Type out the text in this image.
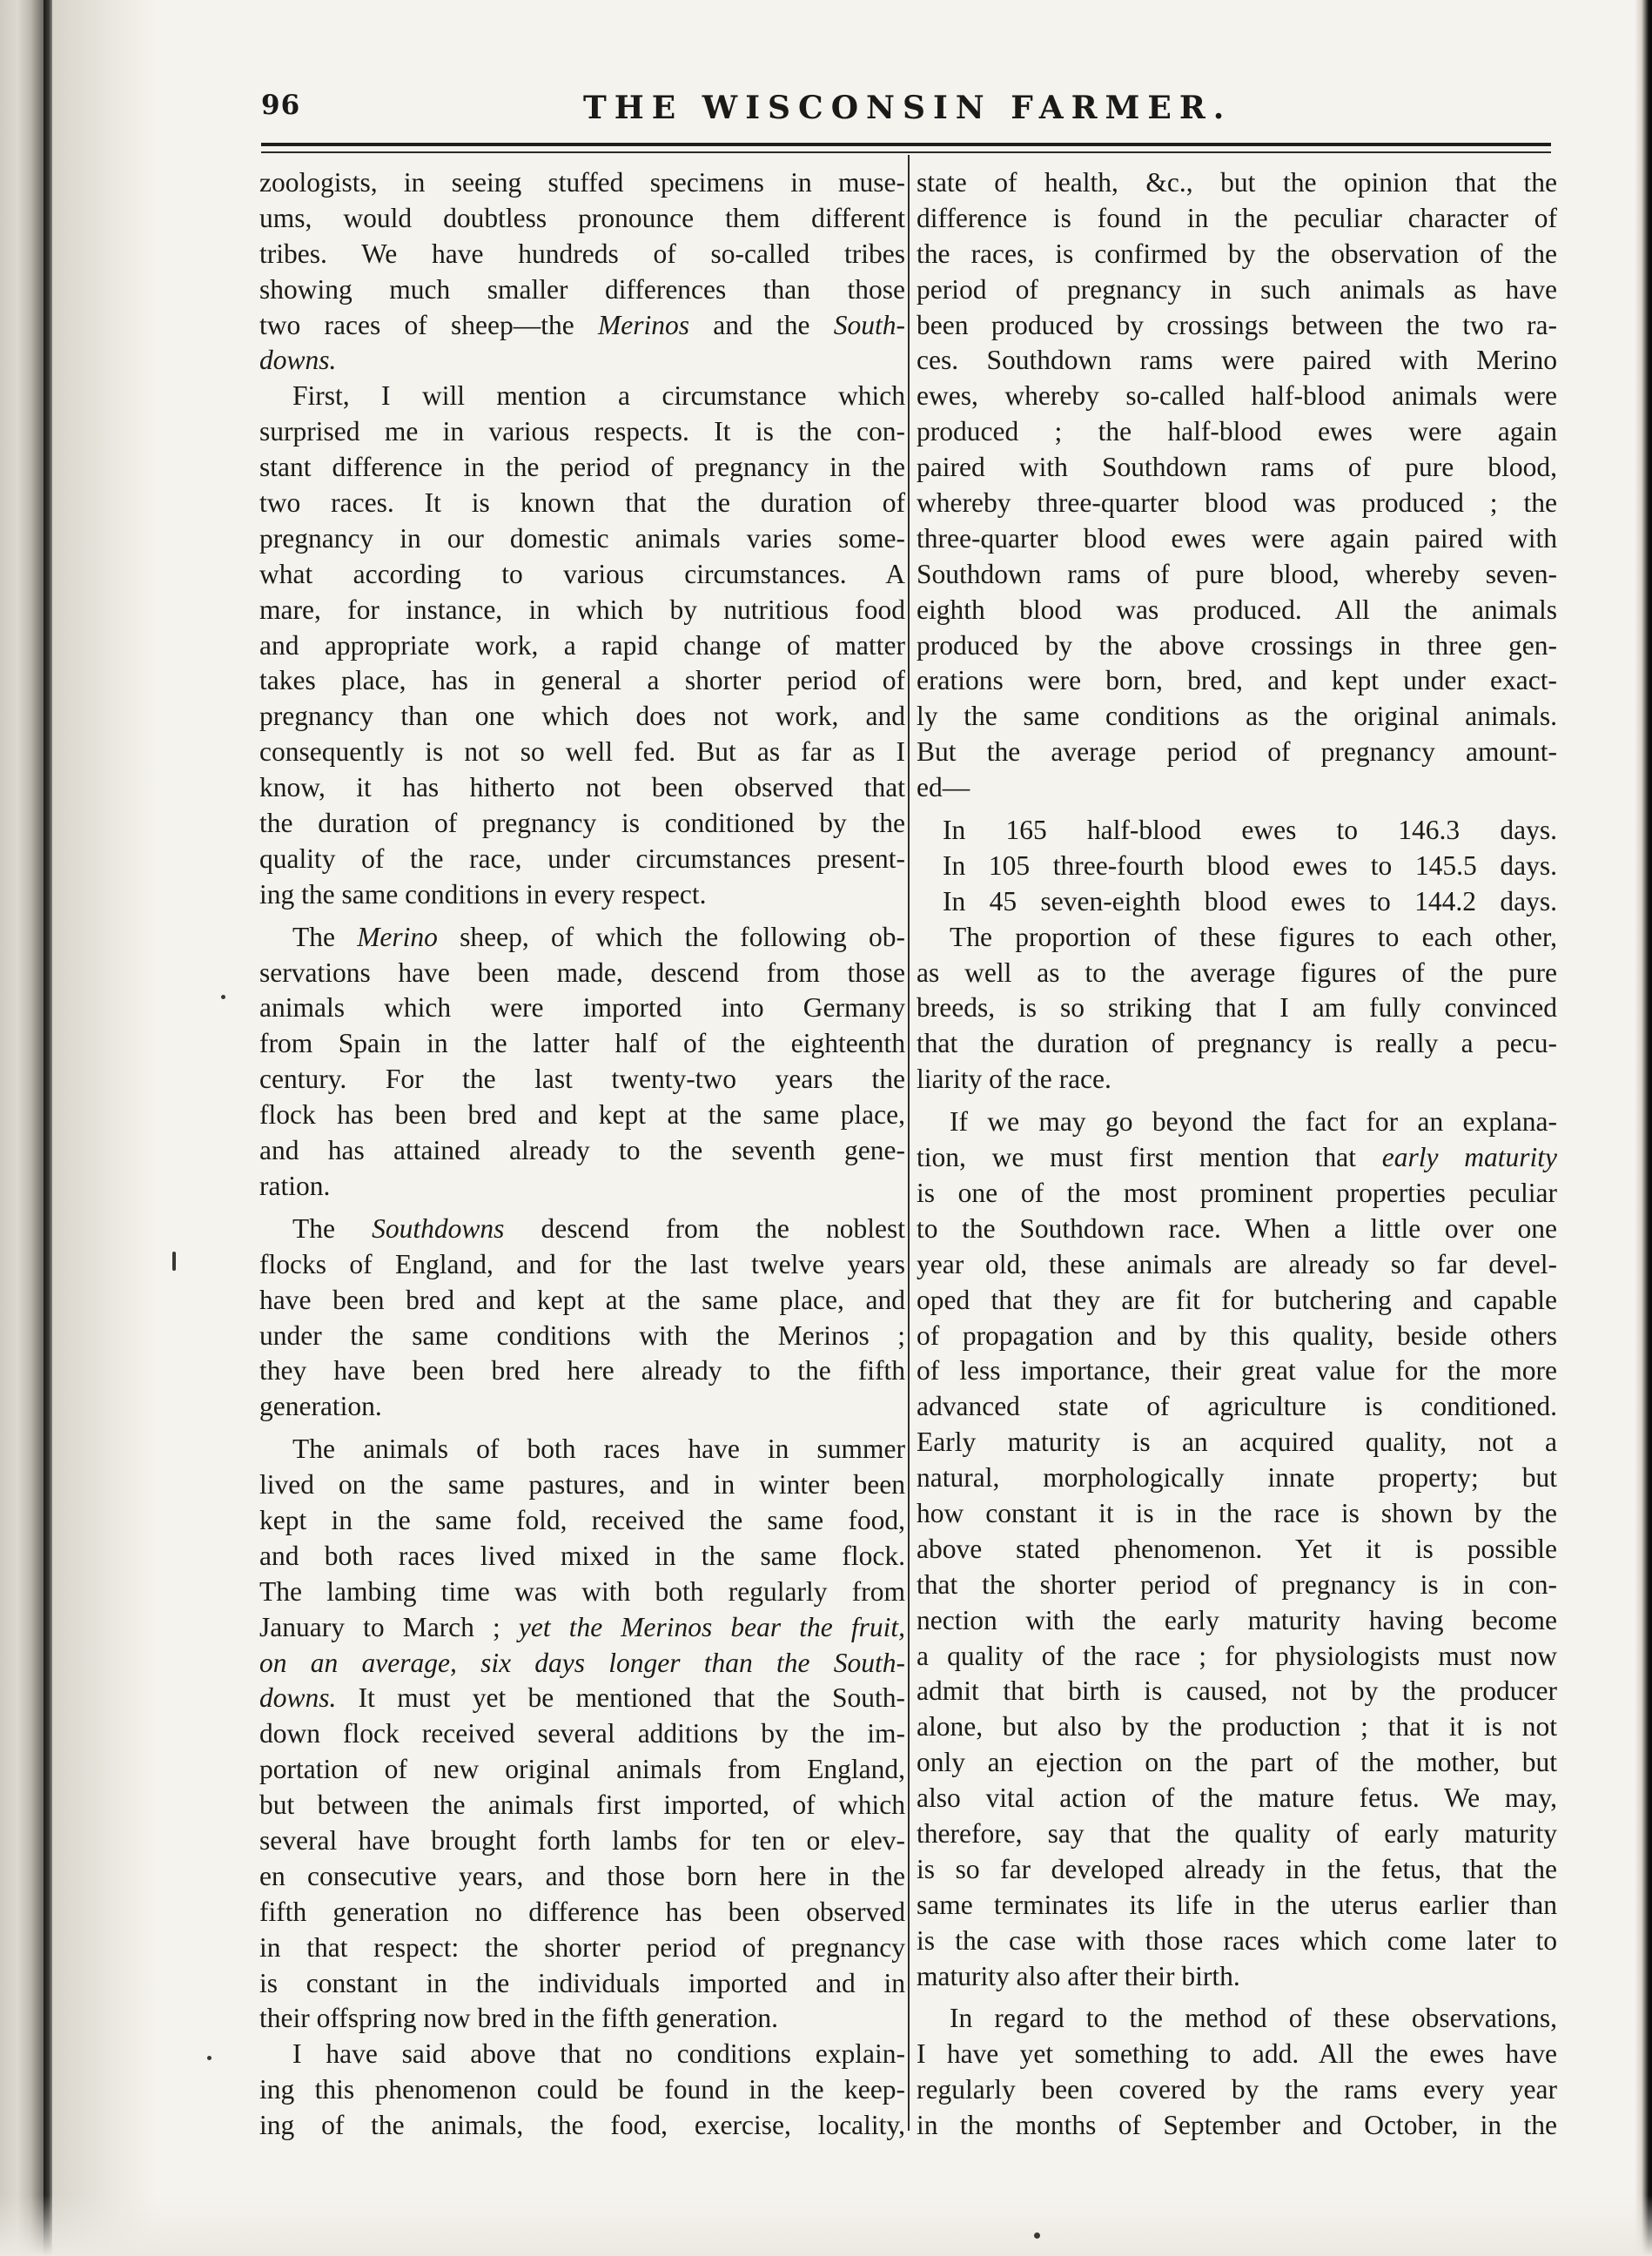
96	THE WISCONSIN FARMER.
zoologists, in seeing stuffed specimens in muse-
ums, would doubtless pronounce them different
tribes. We have hundreds of so-called tribes
showing much smaller differences than those
two races of sheep—the Merinos and the South-
downs.
First, I will mention a circumstance which
surprised me in various respects. It is the con-
stant difference in the period of pregnancy in the
two races. It is known that the duration of
pregnancy in our domestic animals varies some-
what according to various circumstances. A
mare, for instance, in which by nutritious food
and appropriate work, a rapid change of matter
takes place, has in general a shorter period of
pregnancy than one which does not work, and
consequently is not so well fed. But as far as I
know, it has hitherto not been observed that
the duration of pregnancy is conditioned by the
quality of the race, under circumstances present-
ing the same conditions in every respect.
The Merino sheep, of which the following ob-
servations have been made, descend from those
animals which were imported into Germany
from Spain in the latter half of the eighteenth
century. For the last twenty-two years the
flock has been bred and kept at the same place,
and has attained already to the seventh gene-
ration.
The Southdowns descend from the noblest
flocks of England, and for the last twelve years
have been bred and kept at the same place, and
under the same conditions with the Merinos ;
they have been bred here already to the fifth
generation.
The animals of both races have in summer
lived on the same pastures, and in winter been
kept in the same fold, received the same food,
and both races lived mixed in the same flock.
The lambing time was with both regularly from
January to March ; yet the Merinos bear the fruit,
on an average, six days longer than the South-
downs. It must yet be mentioned that the South-
down flock received several additions by the im-
portation of new original animals from England,
but between the animals first imported, of which
several have brought forth lambs for ten or elev-
en consecutive years, and those born here in the
fifth generation no difference has been observed
in that respect: the shorter period of pregnancy
is constant in the individuals imported and in
their offspring now bred in the fifth generation.
I have said above that no conditions explain-
ing this phenomenon could be found in the keep-
ing of the animals, the food, exercise, locality,
state of health, &c., but the opinion that the
difference is found in the peculiar character of
the races, is confirmed by the observation of the
period of pregnancy in such animals as have
been produced by crossings between the two ra-
ces. Southdown rams were paired with Merino
ewes, whereby so-called half-blood animals were
produced ; the half-blood ewes were again
paired with Southdown rams of pure blood,
whereby three-quarter blood was produced ; the
three-quarter blood ewes were again paired with
Southdown rams of pure blood, whereby seven-
eighth blood was produced. All the animals
produced by the above crossings in three gen-
erations were born, bred, and kept under exact-
ly the same conditions as the original animals.
But the average period of pregnancy amount-
ed—
In 165 half-blood ewes to 146.3 days.
In 105 three-fourth blood ewes to 145.5 days.
In 45 seven-eighth blood ewes to 144.2 days.
The proportion of these figures to each other,
as well as to the average figures of the pure
breeds, is so striking that I am fully convinced
that the duration of pregnancy is really a pecu-
liarity of the race.
If we may go beyond the fact for an explana-
tion, we must first mention that early maturity
is one of the most prominent properties peculiar
to the Southdown race. When a little over one
year old, these animals are already so far devel-
oped that they are fit for butchering and capable
of propagation and by this quality, beside others
of less importance, their great value for the more
advanced state of agriculture is conditioned.
Early maturity is an acquired quality, not a
natural, morphologically innate property; but
how constant it is in the race is shown by the
above stated phenomenon. Yet it is possible
that the shorter period of pregnancy is in con-
nection with the early maturity having become
a quality of the race ; for physiologists must now
admit that birth is caused, not by the producer
alone, but also by the production ; that it is not
only an ejection on the part of the mother, but
also vital action of the mature fetus. We may,
therefore, say that the quality of early maturity
is so far developed already in the fetus, that the
same terminates its life in the uterus earlier than
is the case with those races which come later to
maturity also after their birth.
In regard to the method of these observations,
I have yet something to add. All the ewes have
regularly been covered by the rams every year
in the months of September and October, in the
